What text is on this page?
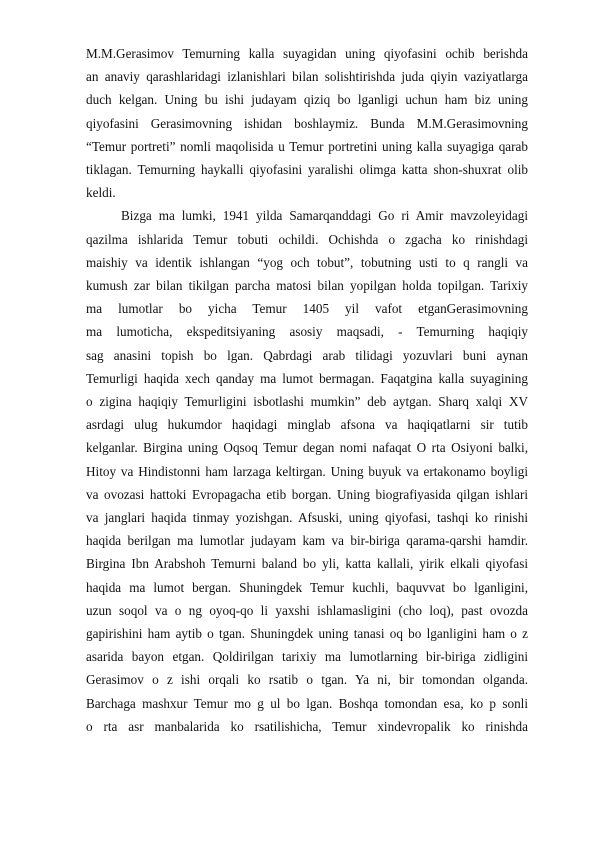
M.M.Gerasimov Temurning kalla suyagidan uning qiyofasini ochib berishda

an anaviy qarashlaridagi izlanishlari bilan solishtirishda juda qiyin vaziyatlarga

duch kelgan. Uning bu ishi judayam qiziq bo lganligi uchun ham biz uning

qiyofasini Gerasimovning ishidan boshlaymiz. Bunda M.M.Gerasimovning

“Temur portreti” nomli maqolisida u Temur portretini uning kalla suyagiga qarab

tiklagan. Temurning haykalli qiyofasini yaralishi olimga katta shon-shuxrat olib

keldi.

Bizga ma lumki, 1941 yilda Samarqanddagi Go ri Amir mavzoleyidagi

qazilma ishlarida Temur tobuti ochildi. Ochishda o zgacha ko rinishdagi

maishiy va identik ishlangan “yog och tobut”, tobutning usti to q rangli va

kumush zar bilan tikilgan parcha matosi bilan yopilgan holda topilgan. Tarixiy

ma lumotlar bo yicha Temur 1405 yil vafot etganGerasimovning

ma lumoticha, ekspeditsiyaning asosiy maqsadi, - Temurning haqiqiy

sag anasini topish bo lgan. Qabrdagi arab tilidagi yozuvlari buni aynan

Temurligi haqida xech qanday ma lumot bermagan. Faqatgina kalla suyagining

o zigina haqiqiy Temurligini isbotlashi mumkin” deb aytgan. Sharq xalqi XV

asrdagi ulug hukumdor haqidagi minglab afsona va haqiqatlarni sir tutib

kelganlar. Birgina uning Oqsoq Temur degan nomi nafaqat O rta Osiyoni balki,

Hitoy va Hindistonni ham larzaga keltirgan. Uning buyuk va ertakonamo boyligi

va ovozasi hattoki Evropagacha etib borgan. Uning biografiyasida qilgan ishlari

va janglari haqida tinmay yozishgan. Afsuski, uning qiyofasi, tashqi ko rinishi

haqida berilgan ma lumotlar judayam kam va bir-biriga qarama-qarshi hamdir.

Birgina Ibn Arabshoh Temurni baland bo yli, katta kallali, yirik elkali qiyofasi

haqida ma lumot bergan. Shuningdek Temur kuchli, baquvvat bo lganligini,

uzun soqol va o ng oyoq-qo li yaxshi ishlamasligini (cho loq), past ovozda

gapirishini ham aytib o tgan. Shuningdek uning tanasi oq bo lganligini ham o z

asarida bayon etgan. Qoldirilgan tarixiy ma lumotlarning bir-biriga zidligini

Gerasimov o z ishi orqali ko rsatib o tgan. Ya ni, bir tomondan olganda.

Barchaga mashxur Temur mo g ul bo lgan. Boshqa tomondan esa, ko p sonli

o rta asr manbalarida ko rsatilishicha, Temur xindevropalik ko rinishda
